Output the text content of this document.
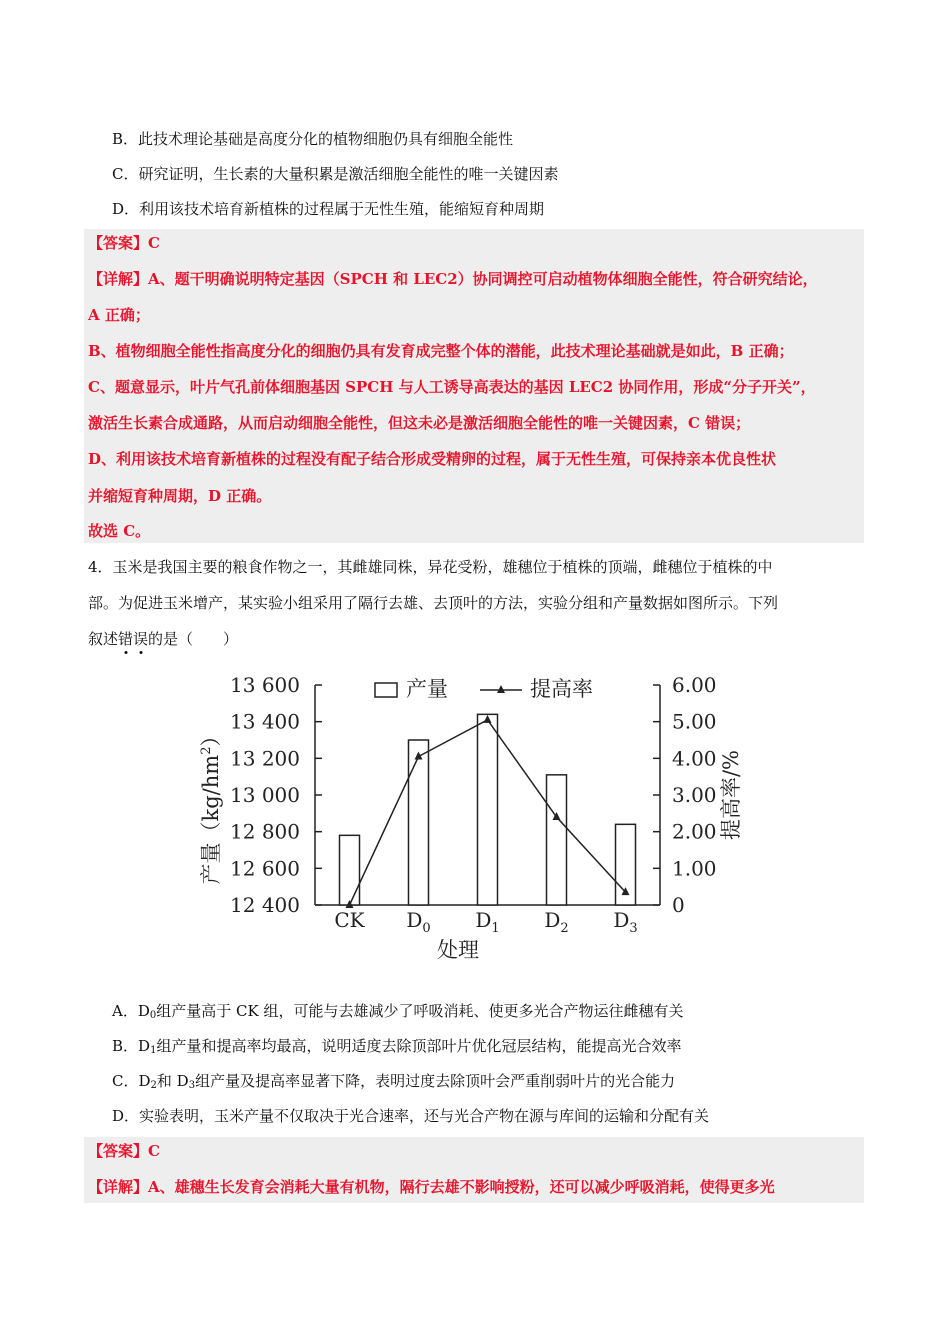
B．此技术理论基础是高度分化的植物细胞仍具有细胞全能性
C．研究证明，生长素的大量积累是激活细胞全能性的唯一关键因素
D．利用该技术培育新植株的过程属于无性生殖，能缩短育种周期
【答案】C
【详解】A、题干明确说明特定基因（SPCH 和 LEC2）协同调控可启动植物体细胞全能性，符合研究结论，
A 正确；
B、植物细胞全能性指高度分化的细胞仍具有发育成完整个体的潜能，此技术理论基础就是如此，B 正确；
C、题意显示，叶片气孔前体细胞基因 SPCH 与人工诱导高表达的基因 LEC2 协同作用，形成“分子开关”，
激活生长素合成通路，从而启动细胞全能性，但这未必是激活细胞全能性的唯一关键因素，C 错误；
D、利用该技术培育新植株的过程没有配子结合形成受精卵的过程，属于无性生殖，可保持亲本优良性状
并缩短育种周期，D 正确。
故选 C。
4．玉米是我国主要的粮食作物之一，其雌雄同株，异花受粉，雄穗位于植株的顶端，雌穗位于植株的中
部。为促进玉米增产，某实验小组采用了隔行去雄、去顶叶的方法，实验分组和产量数据如图所示。下列
叙述错误的是（　　）
12 400
12 600
12 800
13 000
13 200
13 400
13 600
0
1.00
2.00
3.00
4.00
5.00
6.00
CK $D_0$ $D_1$ $D_2$ $D_3$
产量	提高率
处理
产量$(kg/hm^2)$
提高率/%
A．$D_0$组产量高于 CK 组，可能与去雄减少了呼吸消耗、使更多光合产物运往雌穗有关
B．$D_1$组产量和提高率均最高，说明适度去除顶部叶片优化冠层结构，能提高光合效率
C．$D_2$和 $D_3$组产量及提高率显著下降，表明过度去除顶叶会严重削弱叶片的光合能力
D．实验表明，玉米产量不仅取决于光合速率，还与光合产物在源与库间的运输和分配有关
【答案】C
【详解】A、雄穗生长发育会消耗大量有机物，隔行去雄不影响授粉，还可以减少呼吸消耗，使得更多光
